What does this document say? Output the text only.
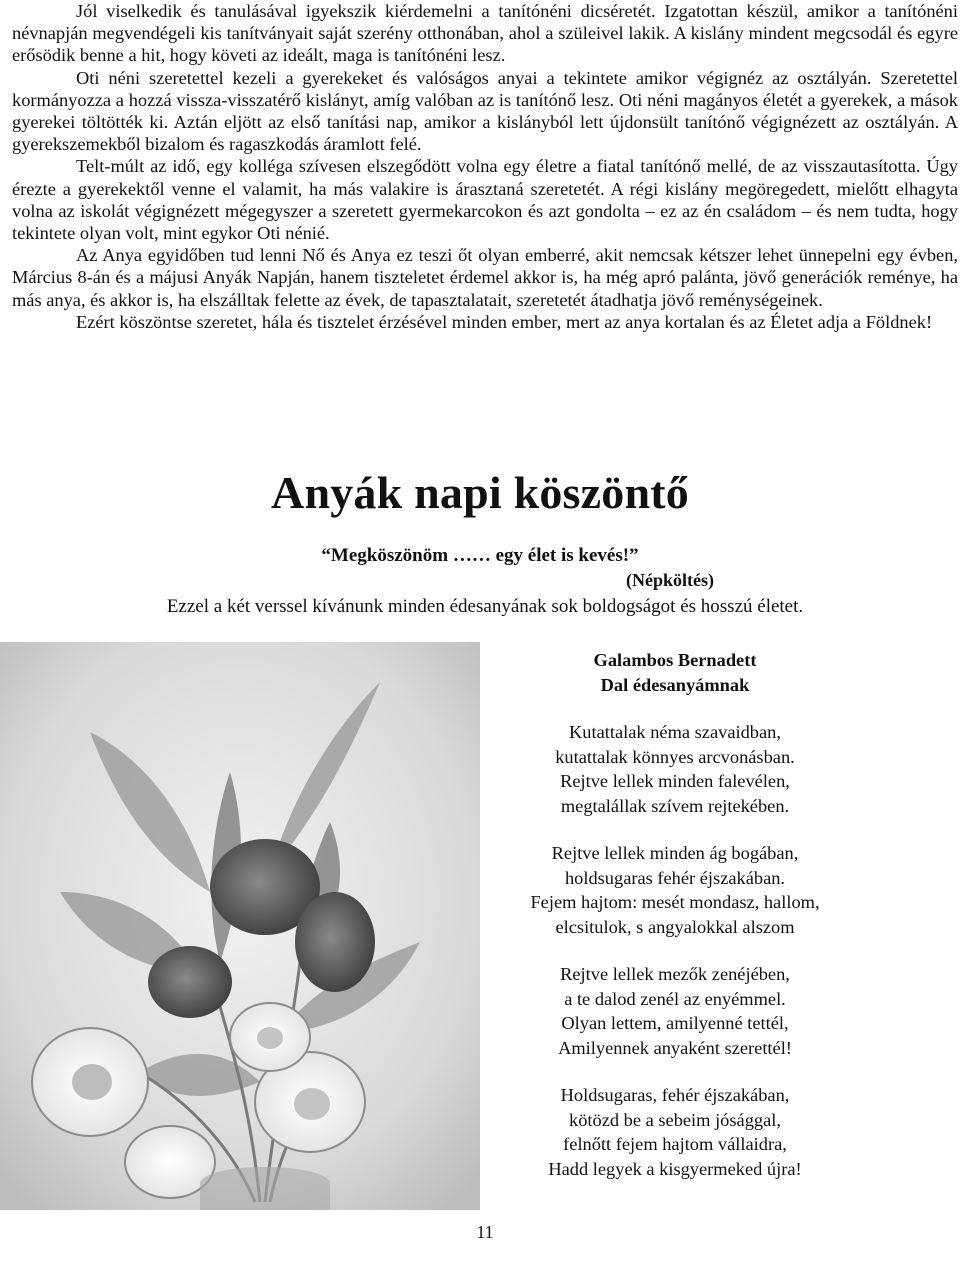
Jól viselkedik és tanulásával igyekszik kiérdemelni a tanítónéni dicséretét. Izgatottan készül, amikor a tanítónéni névnapján megvendégeli kis tanítványait saját szerény otthonában, ahol a szüleivel lakik. A kislány mindent megcsodál és egyre erősödik benne a hit, hogy követi az ideált, maga is tanítónéni lesz.

Oti néni szeretettel kezeli a gyerekeket és valóságos anyai a tekintete amikor végignéz az osztályán. Szeretettel kormányozza a hozzá vissza-visszatérő kislányt, amíg valóban az is tanítónő lesz. Oti néni magányos életét a gyerekek, a mások gyerekei töltötték ki. Aztán eljött az első tanítási nap, amikor a kislányból lett újdonsült tanítónő végignézett az osztályán. A gyerekszemekből bizalom és ragaszkodás áramlott felé.

Telt-múlt az idő, egy kolléga szívesen elszegődött volna egy életre a fiatal tanítónő mellé, de az visszautasította. Úgy érezte a gyerekektől venne el valamit, ha más valakire is árasztaná szeretetét. A régi kislány megöregedett, mielőtt elhagyta volna az iskolát végignézett mégegyszer a szeretett gyermekarcokon és azt gondolta – ez az én családom – és nem tudta, hogy tekintete olyan volt, mint egykor Oti nénié.

Az Anya egyidőben tud lenni Nő és Anya ez teszi őt olyan emberré, akit nemcsak kétszer lehet ünnepelni egy évben, Március 8-án és a májusi Anyák Napján, hanem tiszteletet érdemel akkor is, ha még apró palánta, jövő generációk reménye, ha más anya, és akkor is, ha elszálltak felette az évek, de tapasztalatait, szeretetét átadhatja jövő reménységeinek.

Ezért köszöntse szeretet, hála és tisztelet érzésével minden ember, mert az anya kortalan és az Életet adja a Földnek!

Anyák napi köszöntő
“Megköszönöm …… egy élet is kevés!”
(Népköltés)
Ezzel a két verssel kívánunk minden édesanyának sok boldogságot és hosszú életet.
Galambos Bernadett
Dal édesanyámnak
Kutattalak néma szavaidban,
kutattalak könnyes arcvonásban.
Rejtve lellek minden falevélen,
megtalállak szívem rejtekében.
Rejtve lellek minden ág bogában,
holdsugaras fehér éjszakában.
Fejem hajtom: mesét mondasz, hallom,
elcsitulok, s angyalokkal alszom
Rejtve lellek mezők zenéjében,
a te dalod zenél az enyémmel.
Olyan lettem, amilyenné tettél,
Amilyennek anyaként szerettél!
Holdsugaras, fehér éjszakában,
kötözd be a sebeim jósággal,
felnőtt fejem hajtom vállaidra,
Hadd legyek a kisgyermeked újra!
11
